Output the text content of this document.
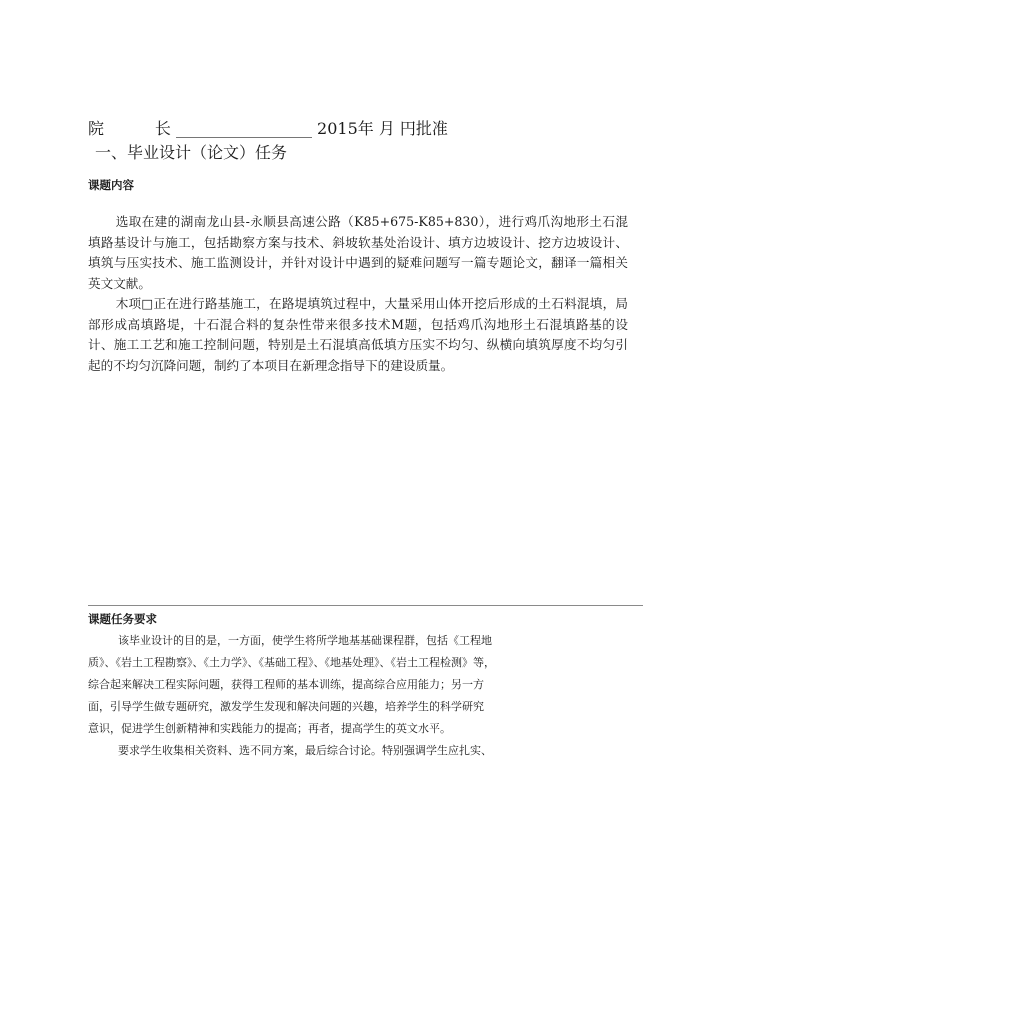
院          长 _________________ 2015年 月 円批准
一、毕业设计（论文）任务
课题内容

选取在建的湖南龙山县-永顺县高速公路（K85+675-K85+830），进行鸡爪沟地形土石混填路基设计与施工，包括勘察方案与技术、斜坡软基处治设计、填方边坡设计、挖方边坡设计、填筑与压实技术、施工监测设计，并针对设计中遇到的疑难问题写一篇专题论文，翻译一篇相关英文文献。

木项□正在进行路基施工，在路堤填筑过程中，大量采用山体开挖后形成的土石料混填，局部形成高填路堤，十石混合料的复杂性带来很多技术M题，包括鸡爪沟地形土石混填路基的设计、施工工艺和施工控制问题，特别是土石混填高低填方压实不均匀、纵横向填筑厚度不均匀引起的不均匀沉降问题，制约了本项目在新理念指导下的建设质量。

课题任务要求
该毕业设计的目的是，一方面，使学生将所学地基基础课程群，包括《工程地
质》、《岩土工程勘察》、《土力学》、《基础工程》、《地基处理》、《岩土工程检测》等，
综合起来解决工程实际问题，获得工程师的基本训练，提高综合应用能力；另一方
面，引导学生做专题研究，激发学生发现和解决问题的兴趣，培养学生的科学研究
意识，促进学生创新精神和实践能力的提高；再者，提高学生的英文水平。
要求学生收集相关资料、选不同方案，最后综合讨论。特别强调学生应扎实、
